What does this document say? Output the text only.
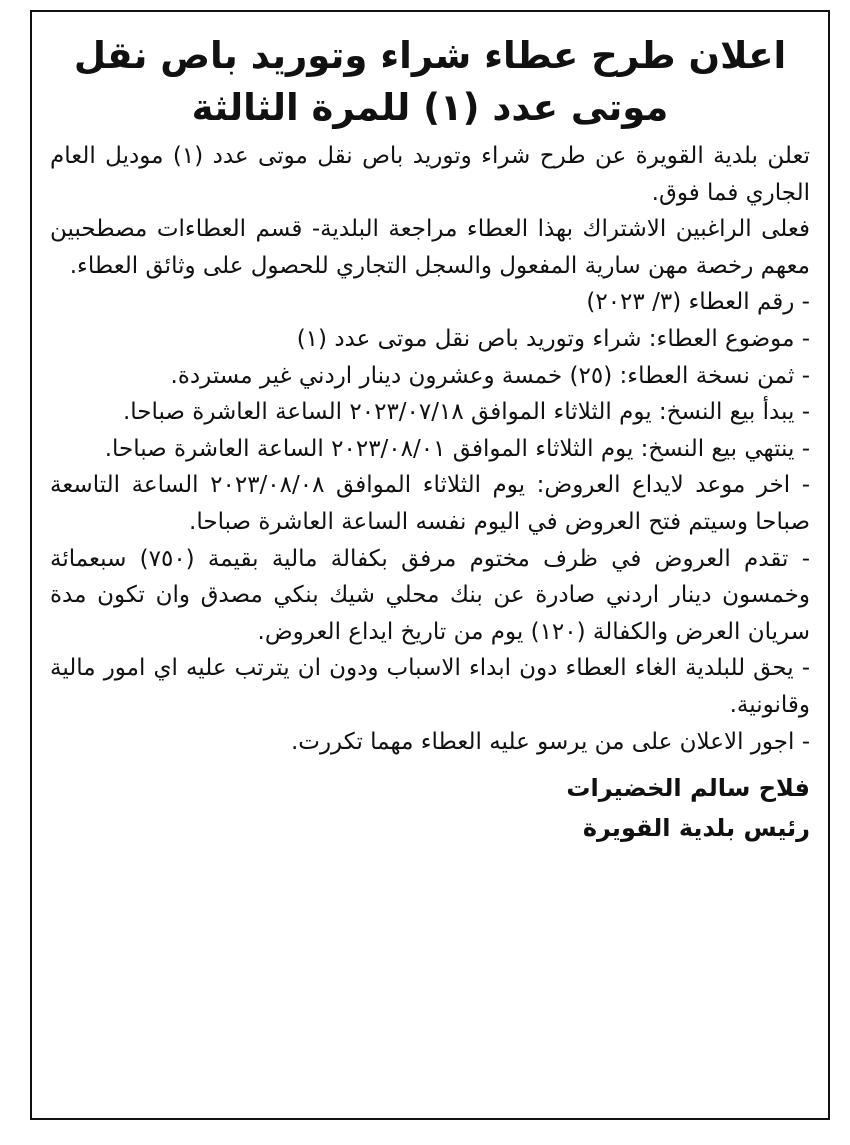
اعلان طرح عطاء شراء وتوريد باص نقل
موتى عدد (١) للمرة الثالثة

تعلن بلدية القويرة عن طرح شراء وتوريد باص نقل موتى عدد (١) موديل العام الجاري فما فوق.

فعلى الراغبين الاشتراك بهذا العطاء مراجعة البلدية- قسم العطاءات مصطحبين معهم رخصة مهن سارية المفعول والسجل التجاري للحصول على وثائق العطاء.

- رقم العطاء (٣/ ٢٠٢٣)

- موضوع العطاء: شراء وتوريد باص نقل موتى عدد (١)

- ثمن نسخة العطاء: (٢٥) خمسة وعشرون دينار اردني غير مستردة.

- يبدأ بيع النسخ: يوم الثلاثاء الموافق ٢٠٢٣/٠٧/١٨ الساعة العاشرة صباحا.

- ينتهي بيع النسخ: يوم الثلاثاء الموافق ٢٠٢٣/٠٨/٠١ الساعة العاشرة صباحا.

- اخر موعد لايداع العروض: يوم الثلاثاء الموافق ٢٠٢٣/٠٨/٠٨ الساعة التاسعة صباحا وسيتم فتح العروض في اليوم نفسه الساعة العاشرة صباحا.

- تقدم العروض في ظرف مختوم مرفق بكفالة مالية بقيمة (٧٥٠) سبعمائة وخمسون دينار اردني صادرة عن بنك محلي شيك بنكي مصدق وان تكون مدة سريان العرض والكفالة (١٢٠) يوم من تاريخ ايداع العروض.

- يحق للبلدية الغاء العطاء دون ابداء الاسباب ودون ان يترتب عليه اي امور مالية وقانونية.

- اجور الاعلان على من يرسو عليه العطاء مهما تكررت.

فلاح سالم الخضيرات
رئيس بلدية القويرة
